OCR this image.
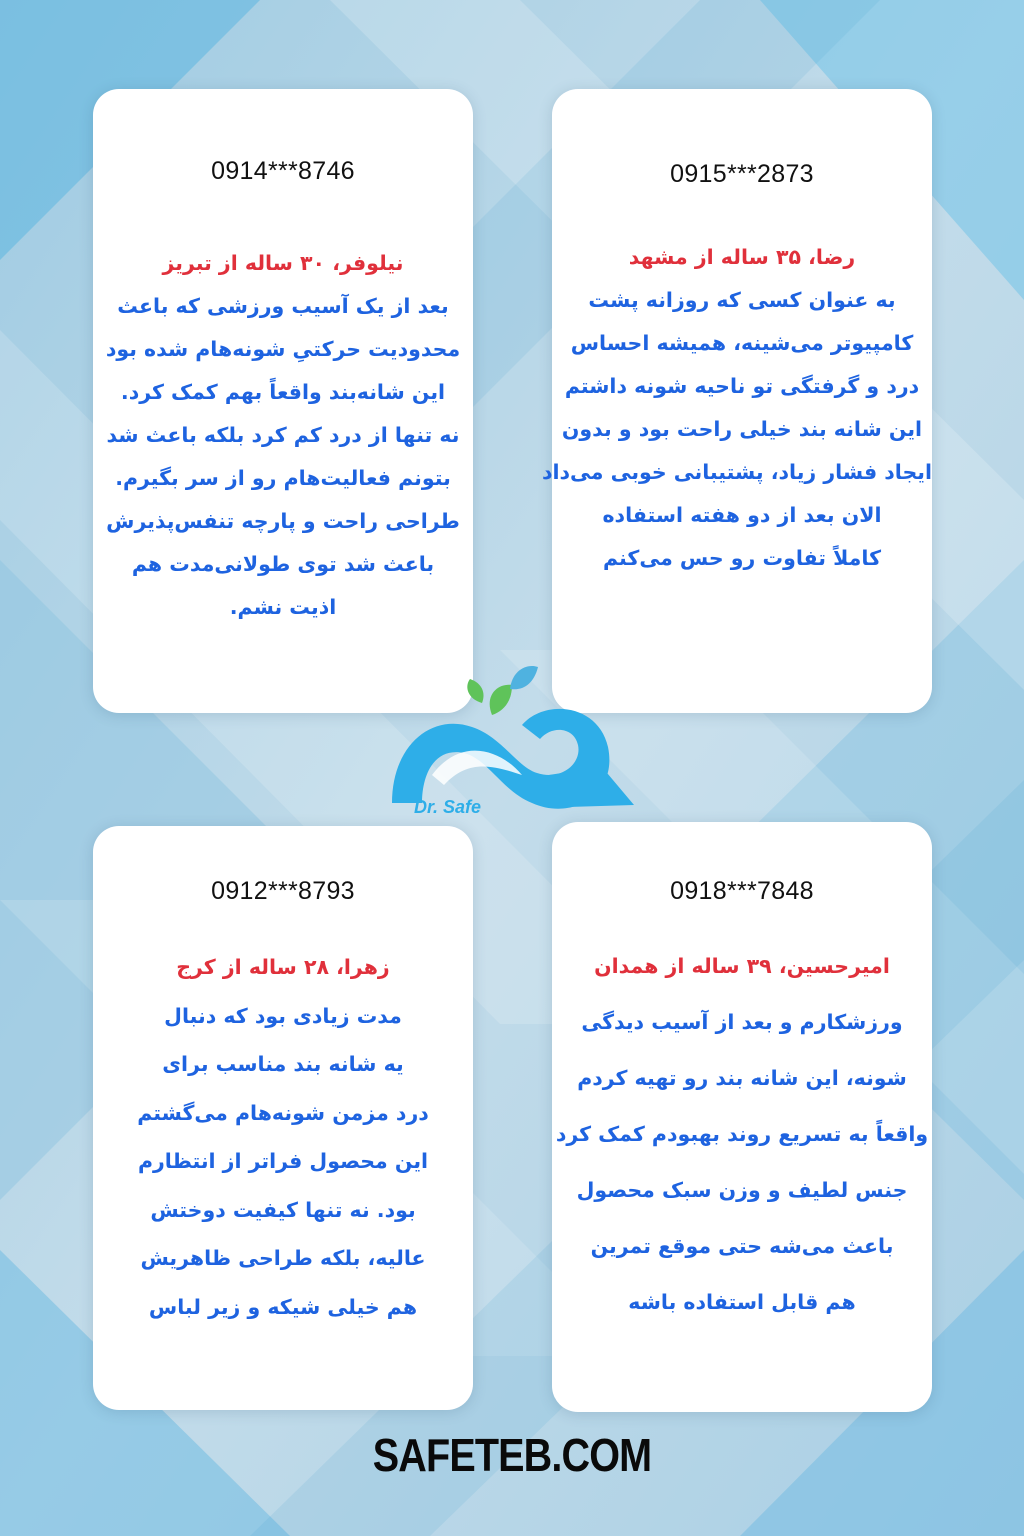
0914***8746
نیلوفر، ۳۰ ساله از تبریز
بعد از یک آسیب ورزشی که باعث
محدودیت حرکتیِ شونه‌هام شده بود
این شانه‌بند واقعاً بهم کمک کرد.
نه تنها از درد کم کرد بلکه باعث شد
بتونم فعالیت‌هام رو از سر بگیرم.
طراحی راحت و پارچه تنفس‌پذیرش
باعث شد توی طولانی‌مدت هم
اذیت نشم.
0915***2873
رضا، ۳۵ ساله از مشهد
به عنوان کسی که روزانه پشت
کامپیوتر می‌شینه، همیشه احساس
درد و گرفتگی تو ناحیه شونه داشتم
این شانه بند خیلی راحت بود و بدون
ایجاد فشار زیاد، پشتیبانی خوبی می‌داد
الان بعد از دو هفته استفاده
کاملاً تفاوت رو حس می‌کنم
0912***8793
زهرا، ۲۸ ساله از کرج
مدت زیادی بود که دنبال
یه شانه بند مناسب برای
درد مزمن شونه‌هام می‌گشتم
این محصول فراتر از انتظارم
بود. نه تنها کیفیت دوختش
عالیه، بلکه طراحی ظاهریش
هم خیلی شیکه و زیر لباس
0918***7848
امیرحسین، ۳۹ ساله از همدان
ورزشکارم و بعد از آسیب دیدگی
شونه، این شانه بند رو تهیه کردم
واقعاً به تسریع روند بهبودم کمک کرد
جنس لطیف و وزن سبک محصول
باعث می‌شه حتی موقع تمرین
هم قابل استفاده باشه
Dr. Safe
SAFETEB.COM
